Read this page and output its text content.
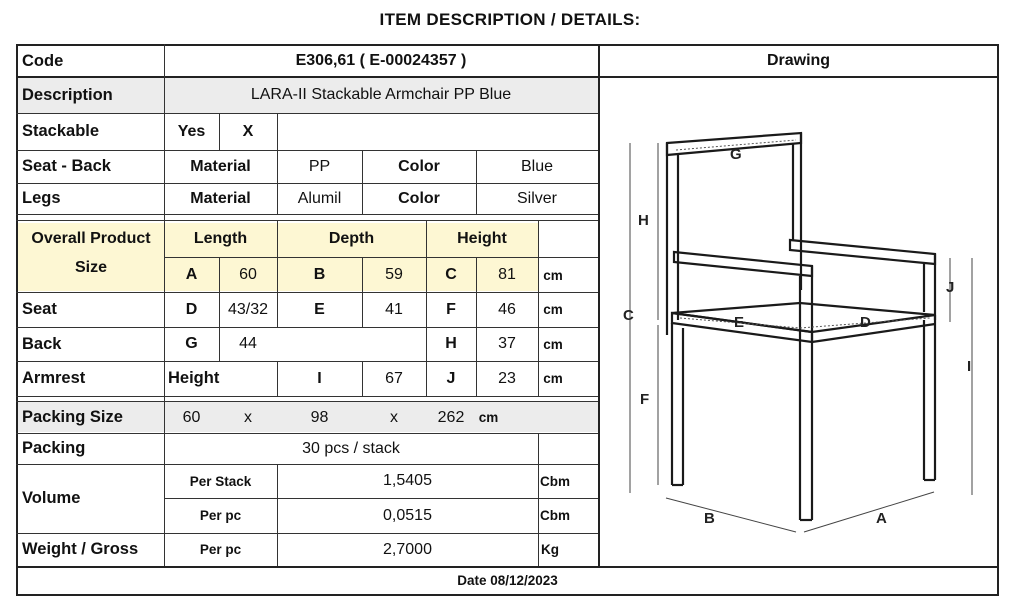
ITEM DESCRIPTION / DETAILS:
Code	E306,61 ( E-00024357 )	Drawing
Description	LARA-II Stackable Armchair PP Blue
Stackable	Yes	X
Seat - Back	Material	PP	Color	Blue
Legs	Material	Alumil	Color	Silver
Overall Product
Size
Length	Depth	Height
A	60	B	59	C	81	cm
Seat	D	43/32	E	41	F	46	cm
Back	G	44	H	37	cm
Armrest	Height	I	67	J	23	cm
Packing Size	60	x	98	x	262	cm
Packing	30 pcs / stack
Volume
Per Stack	1,5405	Cbm
Per pc	0,0515	Cbm
Weight / Gross	Per pc	2,7000	Kg
Date 08/12/2023
G
H
C
J
E	D
I
F
B	A
